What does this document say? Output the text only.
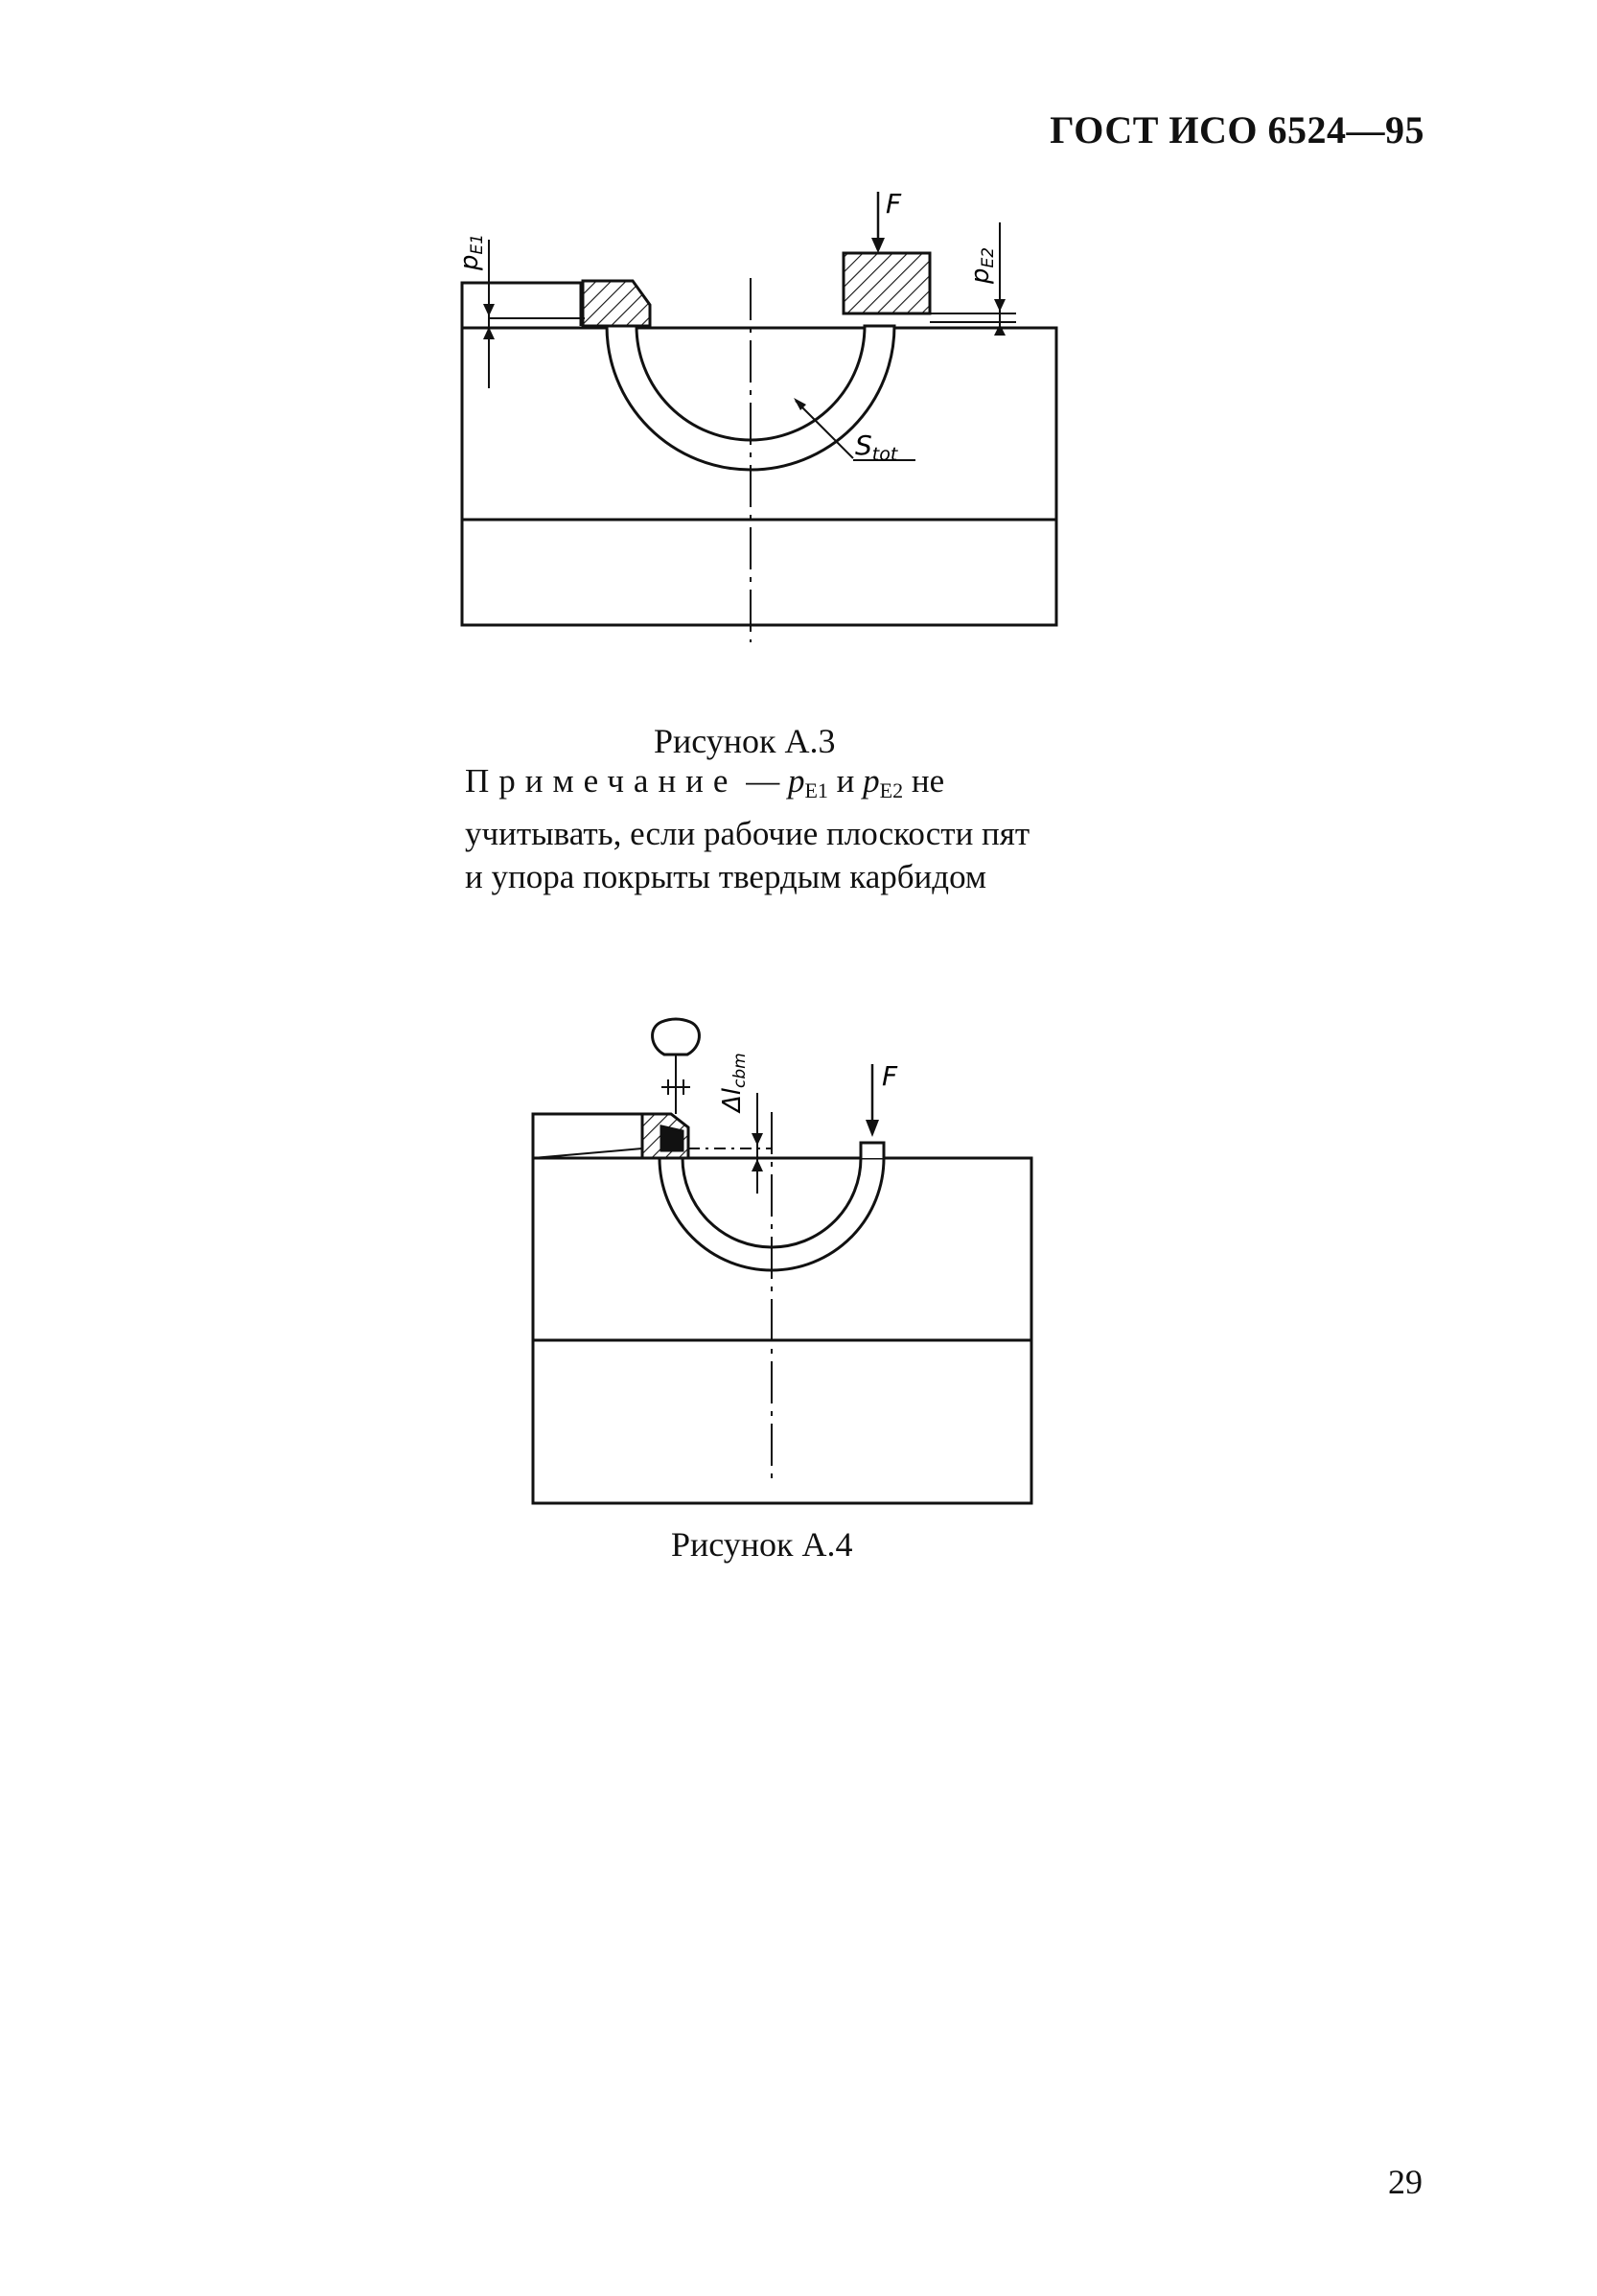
ГОСТ ИСО 6524—95
F
pE1
pE2
$S_{tot}$
Рисунок А.3
Примечание — $p_{E1}$ и $p_{E2}$ не
учитывать, если рабочие плоскости пят
и упора покрыты твердым карбидом
F
Δlcbm
Рисунок А.4
29
